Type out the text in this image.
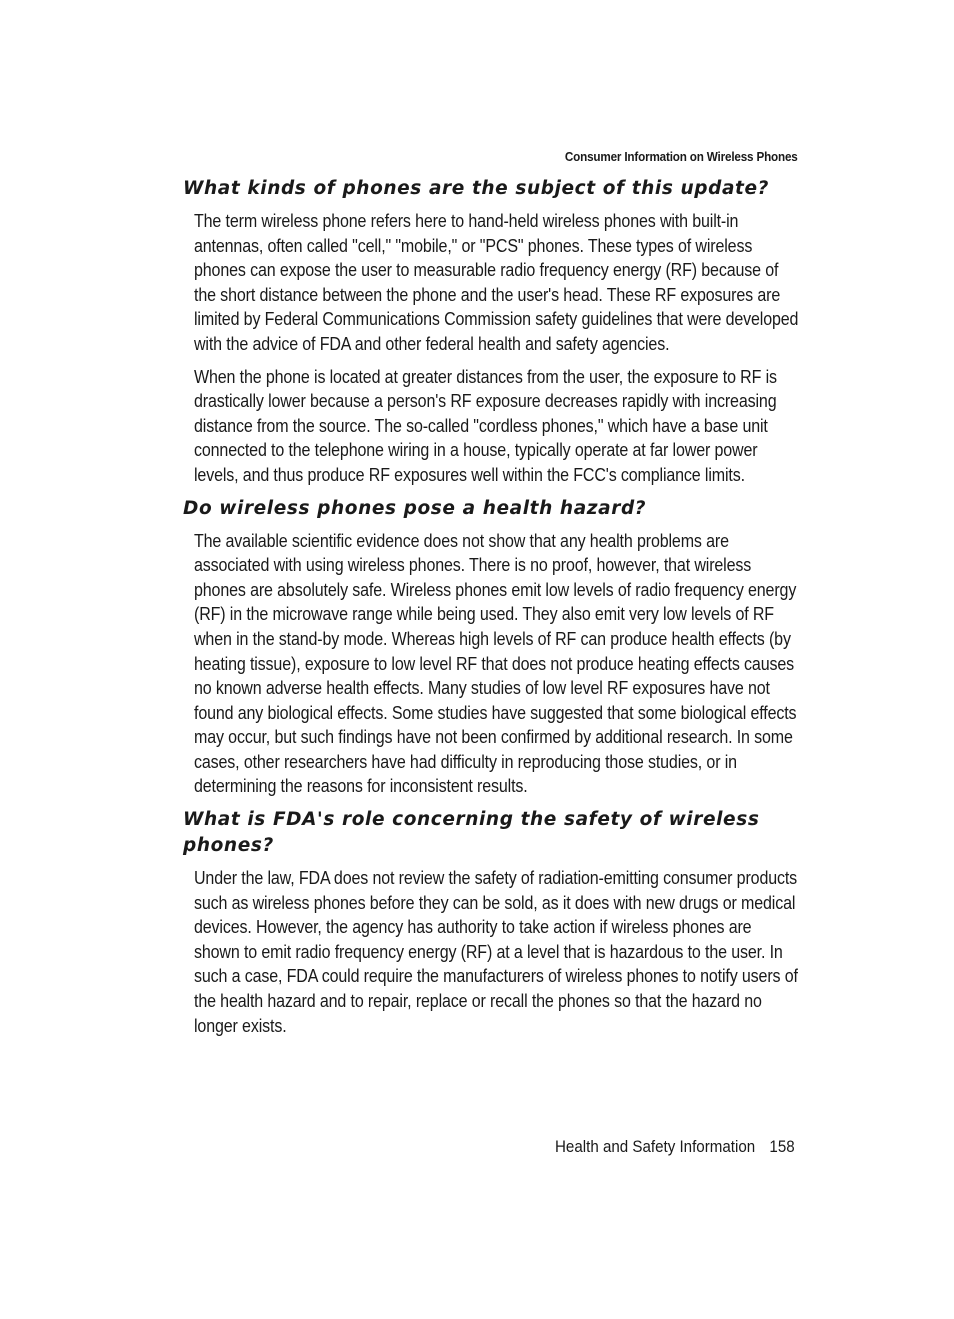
Consumer Information on Wireless Phones
What kinds of phones are the subject of this update?

The term wireless phone refers here to hand-held wireless phones with built-in antennas, often called "cell," "mobile," or "PCS" phones. These types of wireless phones can expose the user to measurable radio frequency energy (RF) because of the short distance between the phone and the user's head. These RF exposures are limited by Federal Communications Commission safety guidelines that were developed with the advice of FDA and other federal health and safety agencies.

When the phone is located at greater distances from the user, the exposure to RF is drastically lower because a person's RF exposure decreases rapidly with increasing distance from the source. The so-called "cordless phones," which have a base unit connected to the telephone wiring in a house, typically operate at far lower power levels, and thus produce RF exposures well within the FCC's compliance limits.

Do wireless phones pose a health hazard?

The available scientific evidence does not show that any health problems are associated with using wireless phones. There is no proof, however, that wireless phones are absolutely safe. Wireless phones emit low levels of radio frequency energy (RF) in the microwave range while being used. They also emit very low levels of RF when in the stand-by mode. Whereas high levels of RF can produce health effects (by heating tissue), exposure to low level RF that does not produce heating effects causes no known adverse health effects. Many studies of low level RF exposures have not found any biological effects. Some studies have suggested that some biological effects may occur, but such findings have not been confirmed by additional research. In some cases, other researchers have had difficulty in reproducing those studies, or in determining the reasons for inconsistent results.

What is FDA's role concerning the safety of wireless phones?

Under the law, FDA does not review the safety of radiation-emitting consumer products such as wireless phones before they can be sold, as it does with new drugs or medical devices. However, the agency has authority to take action if wireless phones are shown to emit radio frequency energy (RF) at a level that is hazardous to the user. In such a case, FDA could require the manufacturers of wireless phones to notify users of the health hazard and to repair, replace or recall the phones so that the hazard no longer exists.

Health and Safety Information 158
